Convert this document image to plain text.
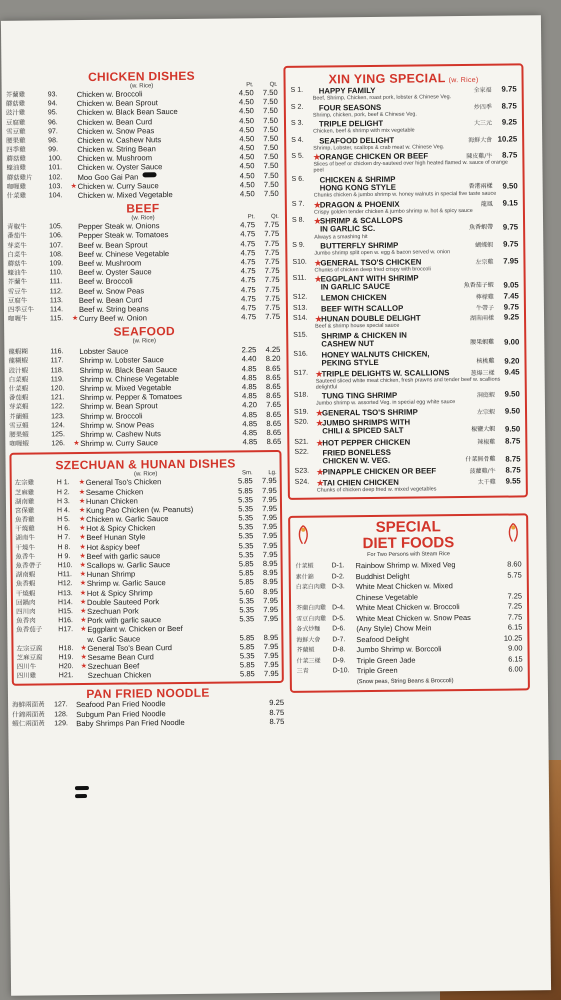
CHICKEN DISHES
(w. Rice)	Pt.	Qt.
芥蘭雞	93.	Chicken w. Broccoli	4.50	7.50
蘑菇雞	94.	Chicken w. Bean Sprout	4.50	7.50
豉汁雞	95.	Chicken w. Black Bean Sauce	4.50	7.50
豆腐雞	96.	Chicken w. Bean Curd	4.50	7.50
雪豆雞	97.	Chicken w. Snow Peas	4.50	7.50
腰果雞	98.	Chicken w. Cashew Nuts	4.50	7.50
四季雞	99.	Chicken w. String Bean	4.50	7.50
蘑菇雞	100.	Chicken w. Mushroom	4.50	7.50
蠔油雞	101.	Chicken w. Oyster Sauce	4.50	7.50
蘑菇雞片	102.	Moo Goo Gai Pan	4.50	7.50
咖喱雞	103.	★ Chicken w. Curry Sauce	4.50	7.50
什菜雞	104.	Chicken w. Mixed Vegetable	4.50	7.50
BEEF
(w. Rice)	Pt.	Qt.
青椒牛	105.	Pepper Steak w. Onions	4.75	7.75
番茄牛	106.	Pepper Steak w. Tomatoes	4.75	7.75
芽菜牛	107.	Beef w. Bean Sprout	4.75	7.75
白菜牛	108.	Beef w. Chinese Vegetable	4.75	7.75
蘑菇牛	109.	Beef w. Mushroom	4.75	7.75
蠔油牛	110.	Beef w. Oyster Sauce	4.75	7.75
芥蘭牛	111.	Beef w. Broccoli	4.75	7.75
雪豆牛	112.	Beef w. Snow Peas	4.75	7.75
豆腐牛	113.	Beef w. Bean Curd	4.75	7.75
四季豆牛	114.	Beef w. String beans	4.75	7.75
咖喱牛	115.	★ Curry Beef w. Onion	4.75	7.75
SEAFOOD
(w. Rice)
龍蝦糊	116.	Lobster Sauce	2.25	4.25
龍糊蝦	117.	Shrimp w. Lobster Sauce	4.40	8.20
豉汁蝦	118.	Shrimp w. Black Bean Sauce	4.85	8.65
白菜蝦	119.	Shrimp w. Chinese Vegetable	4.85	8.65
什菜蝦	120.	Shrimp w. Mixed Vegetable	4.85	8.65
番茄蝦	121.	Shrimp w. Pepper & Tomatoes	4.85	8.65
芽菜蝦	122.	Shrimp w. Bean Sprout	4.20	7.65
芥蘭蝦	123.	Shrimp w. Broccoli	4.85	8.65
雪豆蝦	124.	Shrimp w. Snow Peas	4.85	8.65
腰果蝦	125.	Shrimp w. Cashew Nuts	4.85	8.65
咖喱蝦	126.	★ Shrimp w. Curry Sauce	4.85	8.65
SZECHUAN & HUNAN DISHES
(w. Rice)	Sm.	Lg.
左宗雞	H 1.	★ General Tso's Chicken	5.85	7.95
芝麻雞	H 2.	★ Sesame Chicken	5.85	7.95
湖南雞	H 3.	★ Hunan Chicken	5.35	7.95
宮保雞	H 4.	★ Kung Pao Chicken (w. Peanuts)	5.35	7.95
魚香雞	H 5.	★ Chicken w. Garlic Sauce	5.35	7.95
干燒雞	H 6.	★ Hot & Spicy Chicken	5.35	7.95
湖南牛	H 7.	★ Beef Hunan Style	5.35	7.95
干燒牛	H 8.	★ Hot &spicy beef	5.35	7.95
魚香牛	H 9.	★ Beef with garlic sauce	5.35	7.95
魚香帶子	H10.	★ Scallops w. Garlic Sauce	5.85	8.95
湖南蝦	H11.	★ Hunan Shrimp	5.85	8.95
魚香蝦	H12.	★ Shrimp w. Garlic Sauce	5.85	8.95
干燒蝦	H13.	★ Hot & Spicy Shrimp	5.60	8.95
回鍋肉	H14.	★ Double Sauteed Pork	5.35	7.95
四川肉	H15.	★ Szechuan Pork	5.35	7.95
魚香肉	H16.	★ Pork with garlic sauce	5.35	7.95
魚香茄子	H17.	★ Eggplant w. Chicken or Beef
w. Garlic Sauce	5.85	8.95
左宗豆腐	H18.	★ General Tso's Bean Curd	5.85	7.95
芝麻豆腐	H19.	★ Sesame Bean Curd	5.35	7.95
四川牛	H20.	★ Szechuan Beef	5.85	7.95
四川雞	H21.	Szechuan Chicken	5.85	7.95
PAN FRIED NOODLE
海鮮兩面黃	127.	Seafood Pan Fried Noodle	9.25
什錦兩面黃	128.	Subgum Pan Fried Noodle	8.75
蝦仁兩面黃	129.	Baby Shrimps Pan Fried Noodle	8.75
XIN YING SPECIAL (w. Rice)
S 1.	HAPPY FAMILY	全家福	9.75
Beef, Shrimp, Chicken, roast pork, lobster & Chinese Veg.
S 2.	FOUR SEASONS	炒四季	8.75
Shrimp, chicken, pork, beef & Chinese Veg.
S 3.	TRIPLE DELIGHT	大三元	9.25
Chicken, beef & shrimp with mix vegetable
S 4.	SEAFOOD DELIGHT	海鮮大會 10.25
Shrimp, Lobster, scallops & crab meat w. Chinese Veg.
S 5.	★
ORANGE CHICKEN OR BEEF	陳皮雞/牛	8.75
Slices of beef or chicken dry-sauteed over high heated flamed w. sauce of orange peel
S 6.	CHICKEN & SHRIMP
HONG KONG STYLE	香港兩樣	9.50
Chunks chicken & jumbo shrimp w. honey walnuts in special five taste sauce
S 7.	★
DRAGON & PHOENIX	龍鳳	9.15
Crispy golden tender chicken & jumbo shrimp w. hot & spicy sauce
S 8.	★
SHRIMP & SCALLOPS
IN GARLIC SC.	魚香蝦帶	9.75
Always a smashing hit
S 9.	BUTTERFLY SHRIMP	蝴蝶蝦	9.75
Jumbo shrimp split open w. egg & bacon served w. onion
S10. ★
GENERAL TSO'S CHICKEN	左宗雞	7.95
Chunks of chicken deep fried crispy with broccoli
S11.	★
EGGPLANT WITH SHRIMP
IN GARLIC SAUCE	魚香茄子蝦	9.05
S12.	LEMON CHICKEN	檸檬雞	7.45
S13.	BEEF WITH SCALLOP	牛帶子	9.75
S14. ★
HUNAN DOUBLE DELIGHT	湖南兩樣	9.25
Beef & shrimp house special sauce
S15.	SHRIMP & CHICKEN IN
CASHEW NUT	腰果蝦雞	9.00
S16.	HONEY WALNUTS CHICKEN,
PEKING STYLE	核桃雞	9.20
S17. ★
TRIPLE DELIGHTS W. SCALLIONS	葱爆三樣	9.45
Sauteed sliced white meat chicken, fresh prawns and tender beef w. scallions delightful
S18.	TUNG TING SHRIMP	洞庭蝦	9.50
Jumbo shrimp w. assorted Veg. in special egg white sauce
S19. ★
GENERAL TSO'S SHRIMP	左宗蝦	9.50
S20. ★
JUMBO SHRIMPS WITH
CHILI & SPICED SALT	椒鹽大蝦	9.50
S21. ★
HOT PEPPER CHICKEN	辣椒雞	8.75
S22.	FRIED BONELESS
CHICKEN W. VEG.	什菜無骨雞	8.75
S23. ★
PINAPPLE CHICKEN OR BEEF	菠蘿雞/牛	8.75
S24. ★
TAI CHIEN CHICKEN	太千雞	9.55
Chunks of chicken deep fried w. mixed vegetables
SPECIAL
DIET FOODS
For Two Persons with Steam Rice
什菜蝦	D-1.	Rainbow Shrimp w. Mixed Veg	8.60
素什錦	D-2.	Buddhist Delight	5.75
白菜白肉雞 D-3.	White Meat Chicken w. Mixed
Chinese Vegetable	7.25
芥蘭白肉雞 D-4.	White Meat Chicken w. Broccoli	7.25
雪豆白肉雞 D-5.	White Meat Chicken w. Snow Peas	7.75
各式炒麵	D-6.	(Any Style) Chow Mein	6.15
海鮮大會	D-7.	Seafood Delight	10.25
芥蘭蝦	D-8.	Jumbo Shrimp w. Borccoli	9.00
什菜三樣	D-9.	Triple Green Jade	6.15
三青	D-10. Triple Green	6.00
(Snow peas, String Beans & Broccoli)
